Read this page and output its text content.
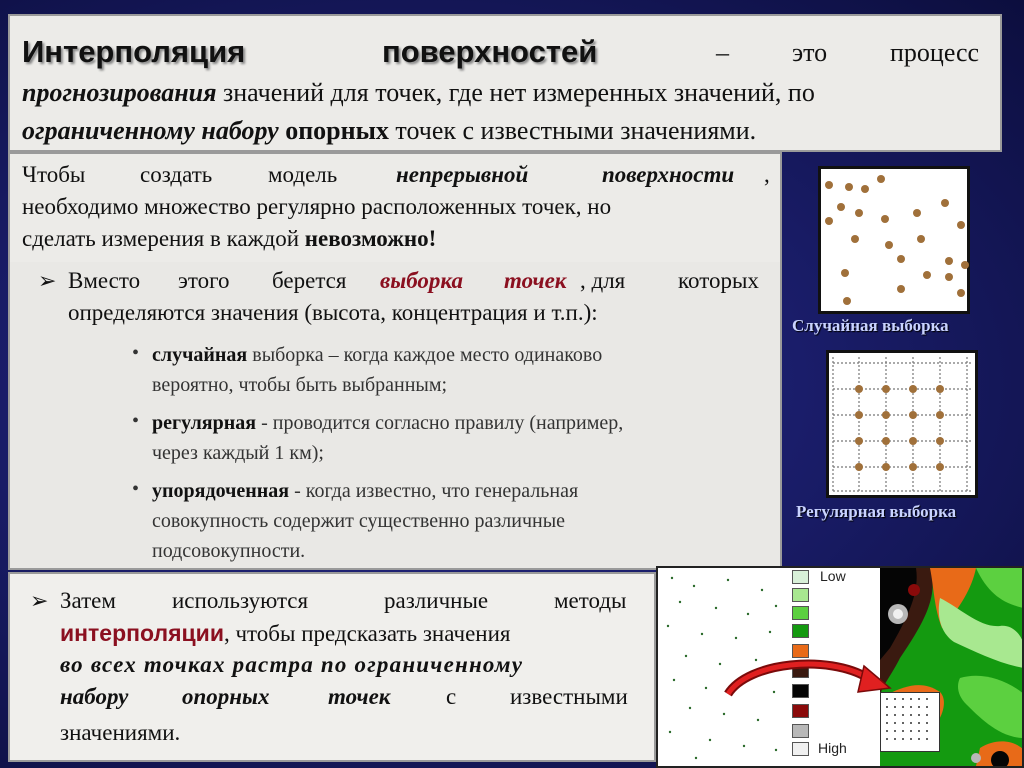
Интерполяция	поверхностей	– это процесс
прогнозирования значений для точек, где нет измеренных значений, по
ограниченному набору опорных точек с известными значениями.
Чтобы создать модель	непрерывной	поверхности ,
необходимо множество регулярно расположенных точек, но
сделать измерения в каждой невозможно!
➢ Вместо этого берется выборка точек , для которых
определяются значения (высота, концентрация и т.п.):
• случайная выборка – когда каждое место одинаково
вероятно, чтобы быть выбранным;
• регулярная - проводится согласно правилу (например,
через каждый 1 км);
• упорядоченная - когда известно, что генеральная
совокупность содержит существенно различные
подсовокупности.
Случайная выборка
Регулярная выборка
➢ Затем используются	различные	методы
интерполяции, чтобы предсказать значения
во всех точках растра по ограниченному
набору опорных	точек с известными
значениями.
Low
High
